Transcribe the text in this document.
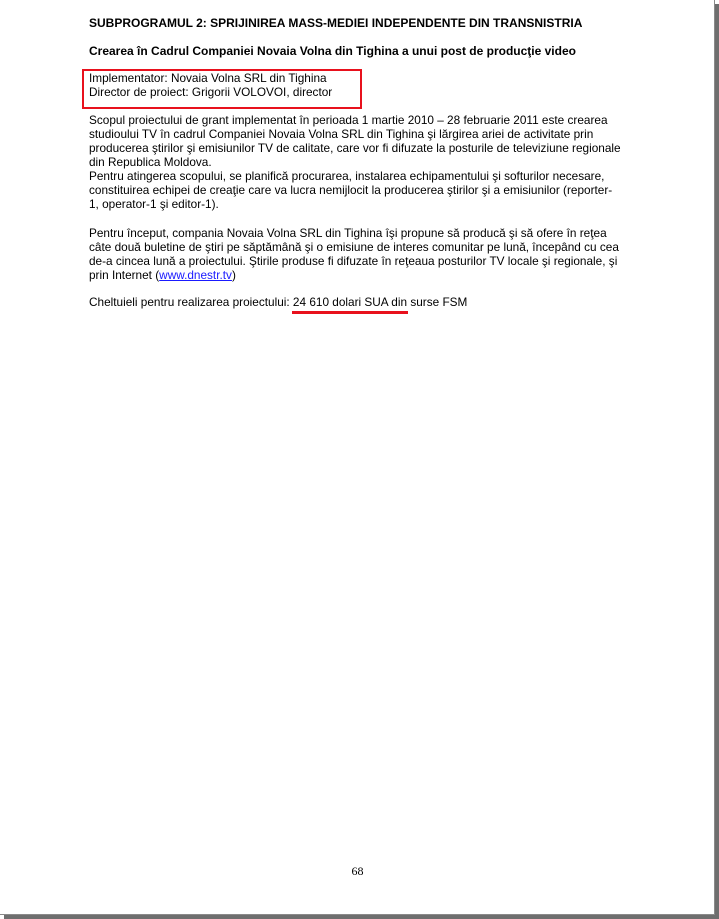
SUBPROGRAMUL 2: SPRIJINIREA MASS-MEDIEI INDEPENDENTE DIN TRANSNISTRIA
Crearea în Cadrul Companiei Novaia Volna din Tighina a unui post de producţie video
Implementator: Novaia Volna SRL din Tighina
Director de proiect: Grigorii VOLOVOI, director
Scopul proiectului de grant implementat în perioada 1 martie 2010 – 28 februarie 2011 este crearea
studioului TV în cadrul Companiei Novaia Volna SRL din Tighina şi lărgirea ariei de activitate prin
producerea ştirilor şi emisiunilor TV de calitate, care vor fi difuzate la posturile de televiziune regionale
din Republica Moldova.
Pentru atingerea scopului, se planifică procurarea, instalarea echipamentului şi softurilor necesare,
constituirea echipei de creaţie care va lucra nemijlocit la producerea ştirilor şi a emisiunilor (reporter-
1, operator-1 şi editor-1).
Pentru început, compania Novaia Volna SRL din Tighina îşi propune să producă şi să ofere în reţea
câte două buletine de ştiri pe săptămână şi o emisiune de interes comunitar pe lună, începând cu cea
de-a cincea lună a proiectului. Ştirile produse fi difuzate în reţeaua posturilor TV locale şi regionale, şi
prin Internet (www.dnestr.tv)
Cheltuieli pentru realizarea proiectului: 24 610 dolari SUA din surse FSM
68
